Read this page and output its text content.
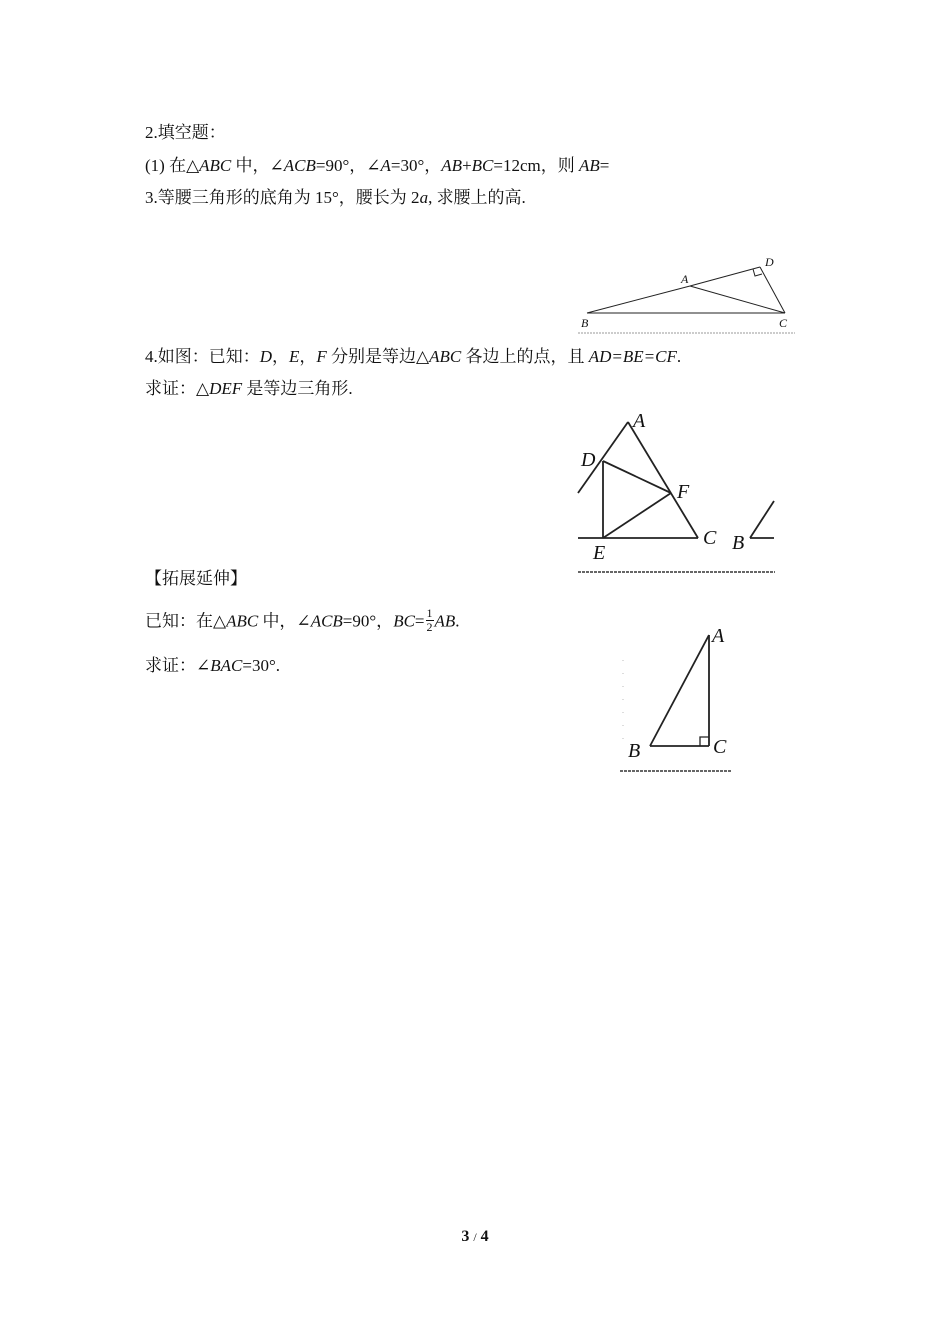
2.填空题：
(1) 在△ABC 中，∠ACB=90°，∠A=30°，AB+BC=12cm，则 AB=
3.等腰三角形的底角为 15°，腰长为 2a, 求腰上的高.
A
B	C
D
4.如图：已知：D，E，F 分别是等边△ABC 各边上的点，且 AD=BE=CF.
求证：△DEF 是等边三角形.
A
D
F
E
C B
【拓展延伸】
已知：在△ABC 中，∠ACB=90°，$BC= \frac{1}{2}$ AB.
求证：∠BAC=30°.
A
B	C
3 / 4
